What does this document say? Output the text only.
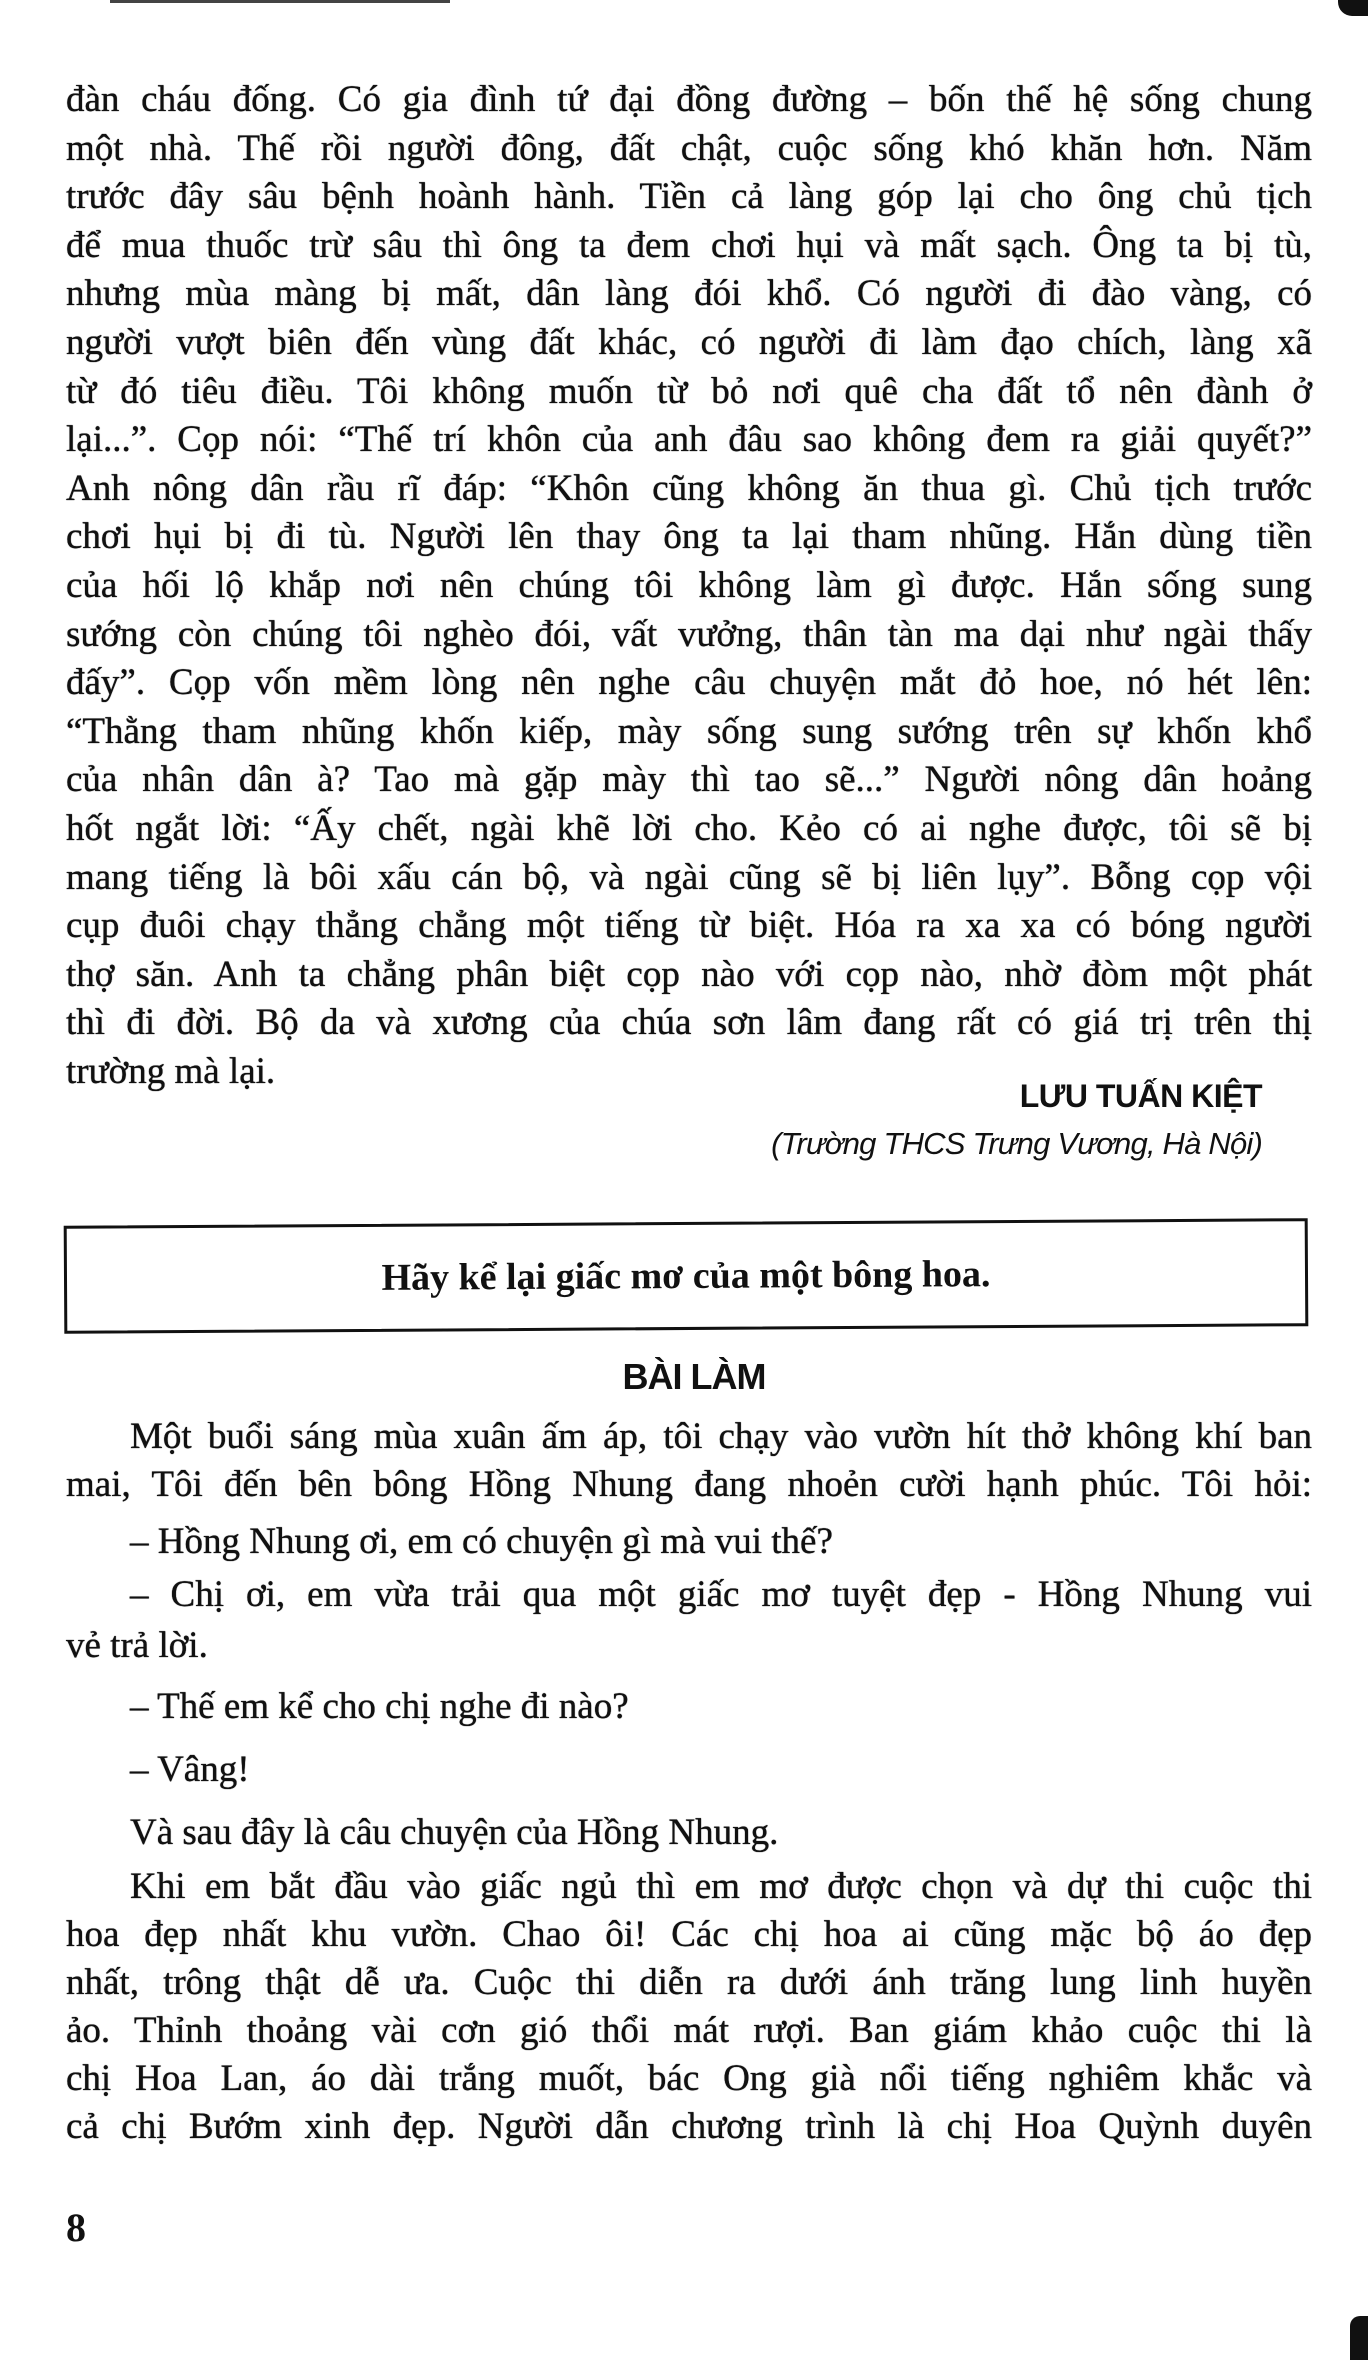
đàn cháu đống. Có gia đình tứ đại đồng đường – bốn thế hệ sống chung
một nhà. Thế rồi người đông, đất chật, cuộc sống khó khăn hơn. Năm
trước đây sâu bệnh hoành hành. Tiền cả làng góp lại cho ông chủ tịch
để mua thuốc trừ sâu thì ông ta đem chơi hụi và mất sạch. Ông ta bị tù,
nhưng mùa màng bị mất, dân làng đói khổ. Có người đi đào vàng, có
người vượt biên đến vùng đất khác, có người đi làm đạo chích, làng xã
từ đó tiêu điều. Tôi không muốn từ bỏ nơi quê cha đất tổ nên đành ở
lại...”. Cọp nói: “Thế trí khôn của anh đâu sao không đem ra giải quyết?”
Anh nông dân rầu rĩ đáp: “Khôn cũng không ăn thua gì. Chủ tịch trước
chơi hụi bị đi tù. Người lên thay ông ta lại tham nhũng. Hắn dùng tiền
của hối lộ khắp nơi nên chúng tôi không làm gì được. Hắn sống sung
sướng còn chúng tôi nghèo đói, vất vưởng, thân tàn ma dại như ngài thấy
đấy”. Cọp vốn mềm lòng nên nghe câu chuyện mắt đỏ hoe, nó hét lên:
“Thằng tham nhũng khốn kiếp, mày sống sung sướng trên sự khốn khổ
của nhân dân à? Tao mà gặp mày thì tao sẽ...” Người nông dân hoảng
hốt ngắt lời: “Ấy chết, ngài khẽ lời cho. Kẻo có ai nghe được, tôi sẽ bị
mang tiếng là bôi xấu cán bộ, và ngài cũng sẽ bị liên lụy”. Bỗng cọp vội
cụp đuôi chạy thẳng chẳng một tiếng từ biệt. Hóa ra xa xa có bóng người
thợ săn. Anh ta chẳng phân biệt cọp nào với cọp nào, nhờ đòm một phát
thì đi đời. Bộ da và xương của chúa sơn lâm đang rất có giá trị trên thị
trường mà lại.
LƯU TUẤN KIỆT
(Trường THCS Trưng Vương, Hà Nội)
Hãy kể lại giấc mơ của một bông hoa.
BÀI LÀM
Một buổi sáng mùa xuân ấm áp, tôi chạy vào vườn hít thở không khí ban
mai, Tôi đến bên bông Hồng Nhung đang nhoẻn cười hạnh phúc. Tôi hỏi:
– Hồng Nhung ơi, em có chuyện gì mà vui thế?
– Chị ơi, em vừa trải qua một giấc mơ tuyệt đẹp - Hồng Nhung vui
vẻ trả lời.
– Thế em kể cho chị nghe đi nào?
– Vâng!
Và sau đây là câu chuyện của Hồng Nhung.
Khi em bắt đầu vào giấc ngủ thì em mơ được chọn và dự thi cuộc thi
hoa đẹp nhất khu vườn. Chao ôi! Các chị hoa ai cũng mặc bộ áo đẹp
nhất, trông thật dễ ưa. Cuộc thi diễn ra dưới ánh trăng lung linh huyền
ảo. Thỉnh thoảng vài cơn gió thổi mát rượi. Ban giám khảo cuộc thi là
chị Hoa Lan, áo dài trắng muốt, bác Ong già nổi tiếng nghiêm khắc và
cả chị Bướm xinh đẹp. Người dẫn chương trình là chị Hoa Quỳnh duyên
8
